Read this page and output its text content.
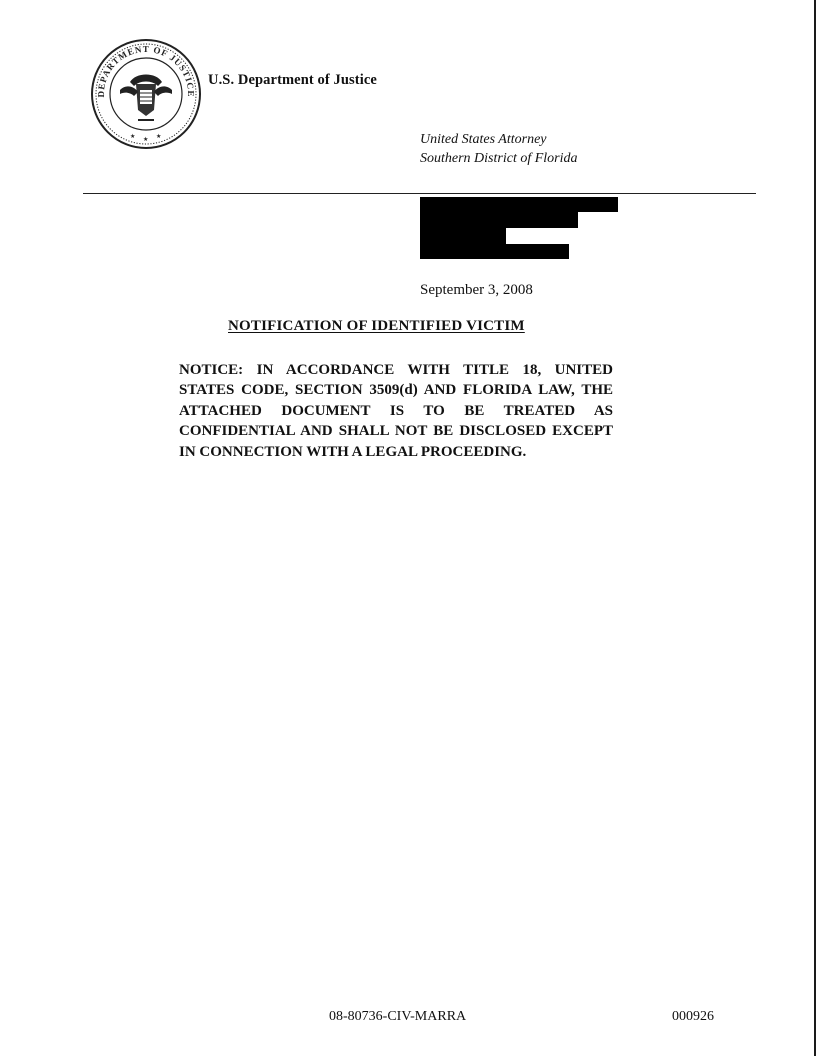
★ ★ ★
DEPARTMENT OF JUSTICE
U.S. Department of Justice
United States Attorney
Southern District of Florida
September 3, 2008
NOTIFICATION OF IDENTIFIED VICTIM
NOTICE: IN ACCORDANCE WITH TITLE 18, UNITED STATES CODE, SECTION 3509(d) AND FLORIDA LAW, THE ATTACHED DOCUMENT IS TO BE TREATED AS CONFIDENTIAL AND SHALL NOT BE DISCLOSED EXCEPT IN CONNECTION WITH A LEGAL PROCEEDING.
08-80736-CIV-MARRA	000926
